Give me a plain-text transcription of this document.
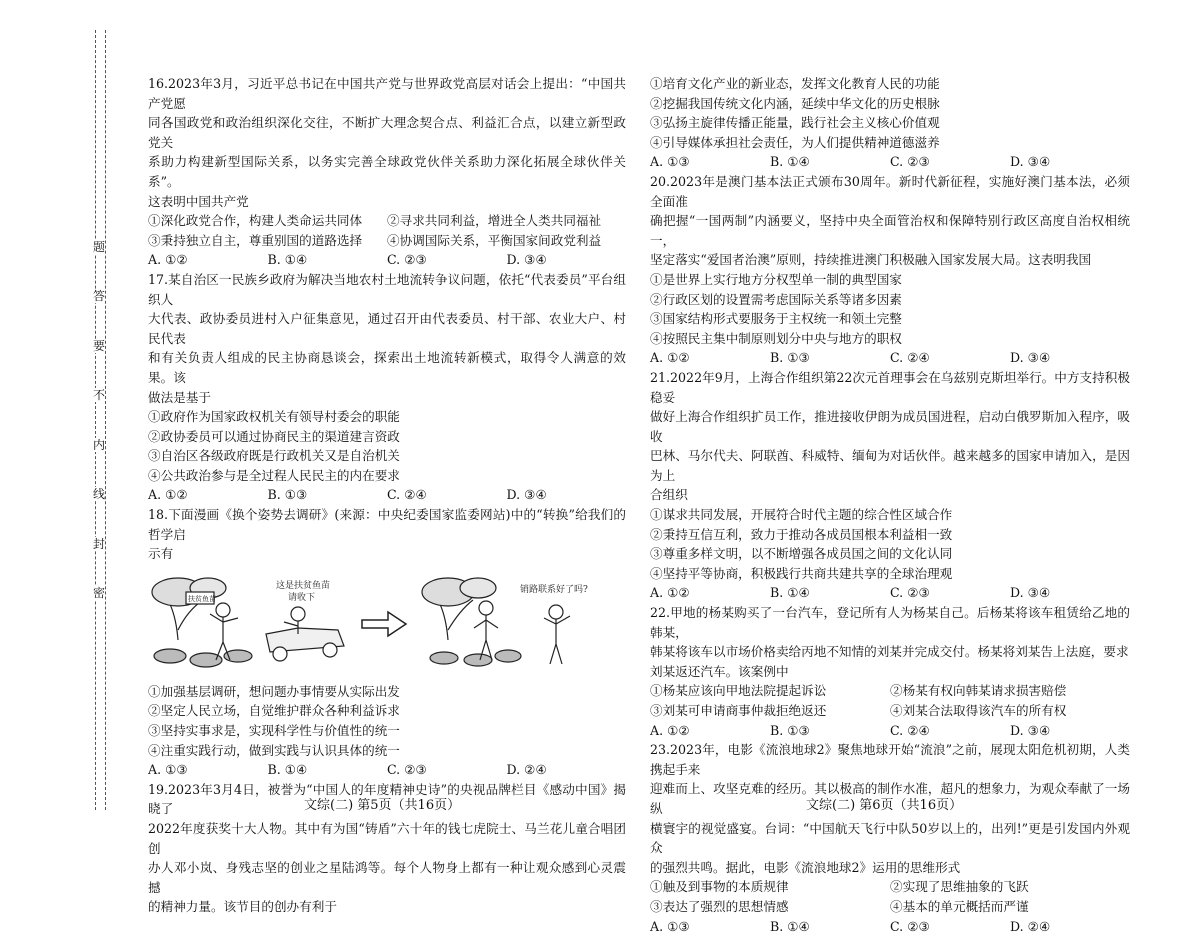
题
答
要
不
内
线
封
密

16.2023年3月，习近平总书记在中国共产党与世界政党高层对话会上提出：“中国共产党愿

同各国政党和政治组织深化交往，不断扩大理念契合点、利益汇合点，以建立新型政党关

系助力构建新型国际关系，以务实完善全球政党伙伴关系助力深化拓展全球伙伴关系”。

这表明中国共产党

①深化政党合作，构建人类命运共同体	②寻求共同利益，增进全人类共同福祉
③秉持独立自主，尊重别国的道路选择	④协调国际关系，平衡国家间政党利益
A. ①②	B. ①④	C. ②③	D. ③④

17.某自治区一民族乡政府为解决当地农村土地流转争议问题，依托“代表委员”平台组织人

大代表、政协委员进村入户征集意见，通过召开由代表委员、村干部、农业大户、村民代表

和有关负责人组成的民主协商恳谈会，探索出土地流转新模式，取得令人满意的效果。该

做法是基于

①政府作为国家政权机关有领导村委会的职能

②政协委员可以通过协商民主的渠道建言资政

③自治区各级政府既是行政机关又是自治机关

④公共政治参与是全过程人民民主的内在要求

A. ①②	B. ①③	C. ②④	D. ③④

18.下面漫画《换个姿势去调研》(来源：中央纪委国家监委网站)中的“转换”给我们的哲学启

示有

扶贫鱼苗
这是扶贫鱼苗
请收下
销路联系好了吗?

①加强基层调研，想问题办事情要从实际出发

②坚定人民立场，自觉维护群众各种利益诉求

③坚持实事求是，实现科学性与价值性的统一

④注重实践行动，做到实践与认识具体的统一

A. ①③	B. ①④	C. ②③	D. ②④

19.2023年3月4日，被誉为“中国人的年度精神史诗”的央视品牌栏目《感动中国》揭晓了

2022年度获奖十大人物。其中有为国“铸盾”六十年的钱七虎院士、马兰花儿童合唱团创

办人邓小岚、身残志坚的创业之星陆鸿等。每个人物身上都有一种让观众感到心灵震撼

的精神力量。该节目的创办有利于

①培育文化产业的新业态，发挥文化教育人民的功能

②挖掘我国传统文化内涵，延续中华文化的历史根脉

③弘扬主旋律传播正能量，践行社会主义核心价值观

④引导媒体承担社会责任，为人们提供精神道德滋养

A. ①③	B. ①④	C. ②③	D. ③④

20.2023年是澳门基本法正式颁布30周年。新时代新征程，实施好澳门基本法，必须全面准

确把握“一国两制”内涵要义，坚持中央全面管治权和保障特别行政区高度自治权相统一，

坚定落实“爱国者治澳”原则，持续推进澳门积极融入国家发展大局。这表明我国

①是世界上实行地方分权型单一制的典型国家

②行政区划的设置需考虑国际关系等诸多因素

③国家结构形式要服务于主权统一和领土完整

④按照民主集中制原则划分中央与地方的职权

A. ①②	B. ①③	C. ②④	D. ③④

21.2022年9月，上海合作组织第22次元首理事会在乌兹别克斯坦举行。中方支持积极稳妥

做好上海合作组织扩员工作，推进接收伊朗为成员国进程，启动白俄罗斯加入程序，吸收

巴林、马尔代夫、阿联酋、科威特、缅甸为对话伙伴。越来越多的国家申请加入，是因为上

合组织

①谋求共同发展，开展符合时代主题的综合性区域合作

②秉持互信互利，致力于推动各成员国根本利益相一致

③尊重多样文明，以不断增强各成员国之间的文化认同

④坚持平等协商，积极践行共商共建共享的全球治理观

A. ①②	B. ①④	C. ②③	D. ③④

22.甲地的杨某购买了一台汽车，登记所有人为杨某自己。后杨某将该车租赁给乙地的韩某，

韩某将该车以市场价格卖给丙地不知情的刘某并完成交付。杨某将刘某告上法庭，要求

刘某返还汽车。该案例中

①杨某应该向甲地法院提起诉讼	②杨某有权向韩某请求损害赔偿
③刘某可申请商事仲裁拒绝返还	④刘某合法取得该汽车的所有权
A. ①②	B. ①③	C. ②④	D. ③④

23.2023年，电影《流浪地球2》聚焦地球开始“流浪”之前，展现太阳危机初期，人类携起手来

迎难而上、攻坚克难的经历。其以极高的制作水准，超凡的想象力，为观众奉献了一场纵

横寰宇的视觉盛宴。台词：“中国航天飞行中队50岁以上的，出列!”更是引发国内外观众

的强烈共鸣。据此，电影《流浪地球2》运用的思维形式

①触及到事物的本质规律	②实现了思维抽象的飞跃
③表达了强烈的思想情感	④基本的单元概括而严谨
A. ①③	B. ①④	C. ②③	D. ②④
文综(二) 第5页（共16页）	文综(二) 第6页（共16页）
